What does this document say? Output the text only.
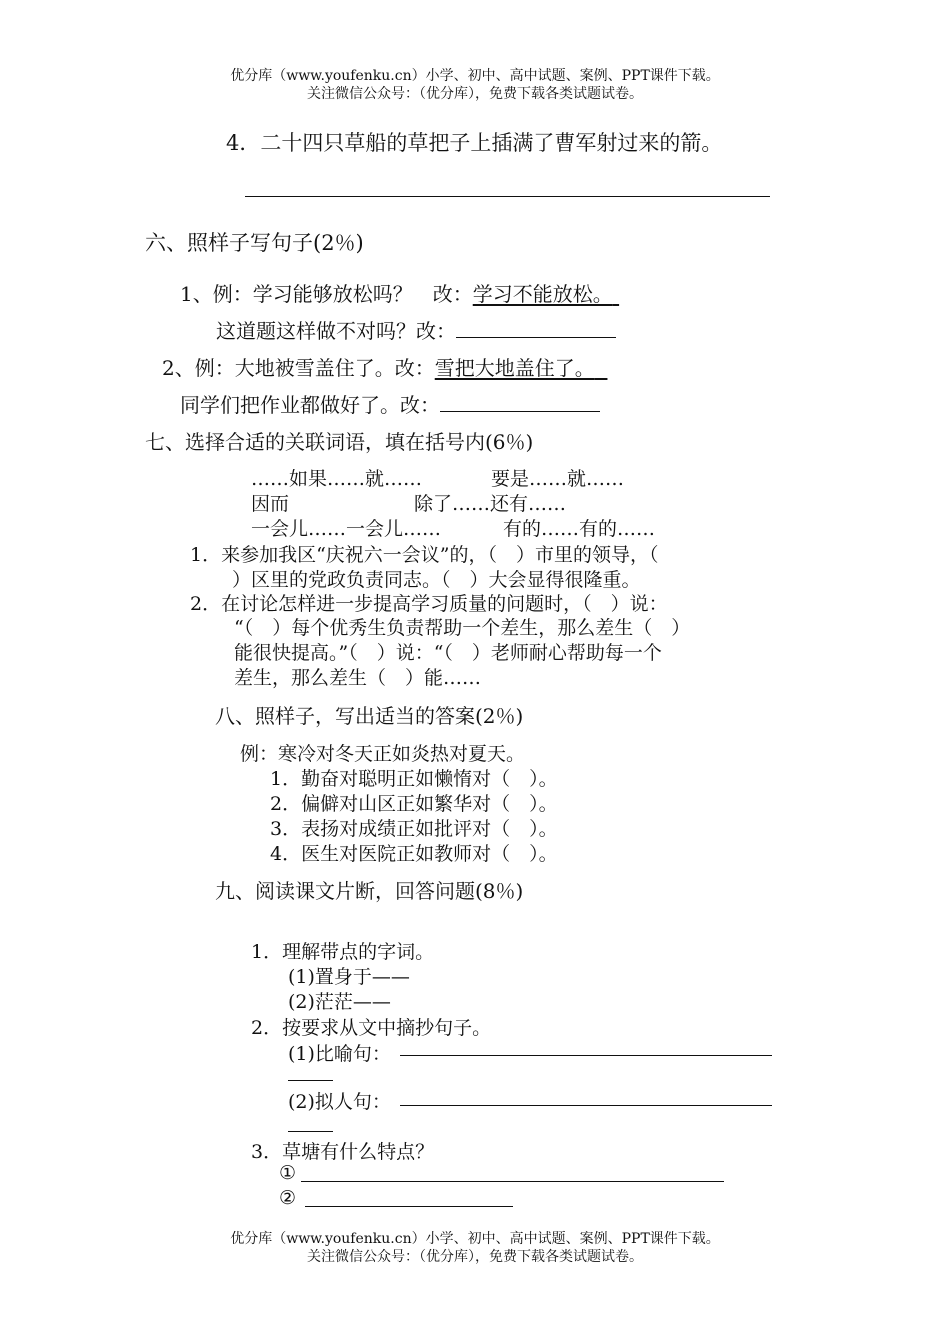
优分库（www.youfenku.cn）小学、初中、高中试题、案例、PPT课件下载。
关注微信公众号：（优分库），免费下载各类试题试卷。
4．二十四只草船的草把子上插满了曹军射过来的箭。
六、照样子写句子(2％)
1、例：学习能够放松吗？　改：学习不能放松。
这道题这样做不对吗？改：
2、例：大地被雪盖住了。改：雪把大地盖住了。
同学们把作业都做好了。改：
七、选择合适的关联词语，填在括号内(6％)
……如果……就……	要是……就……
因而	除了……还有……
一会儿……一会儿……	有的……有的……
1．来参加我区“庆祝六一会议”的，（　）市里的领导，（
）区里的党政负责同志。（　）大会显得很隆重。
2．在讨论怎样进一步提高学习质量的问题时，（　）说：
“（　）每个优秀生负责帮助一个差生，那么差生（　）
能很快提高。”（　）说：“（　）老师耐心帮助每一个
差生，那么差生（　）能……
八、照样子，写出适当的答案(2％)
例：寒冷对冬天正如炎热对夏天。
1．勤奋对聪明正如懒惰对（　）。
2．偏僻对山区正如繁华对（　）。
3．表扬对成绩正如批评对（　）。
4．医生对医院正如教师对（　）。
九、阅读课文片断，回答问题(8％)
1．理解带点的字词。
(1)置身于——
(2)茫茫——
2．按要求从文中摘抄句子。
(1)比喻句：
(2)拟人句：
3．草塘有什么特点？
①
②
优分库（www.youfenku.cn）小学、初中、高中试题、案例、PPT课件下载。
关注微信公众号：（优分库），免费下载各类试题试卷。
